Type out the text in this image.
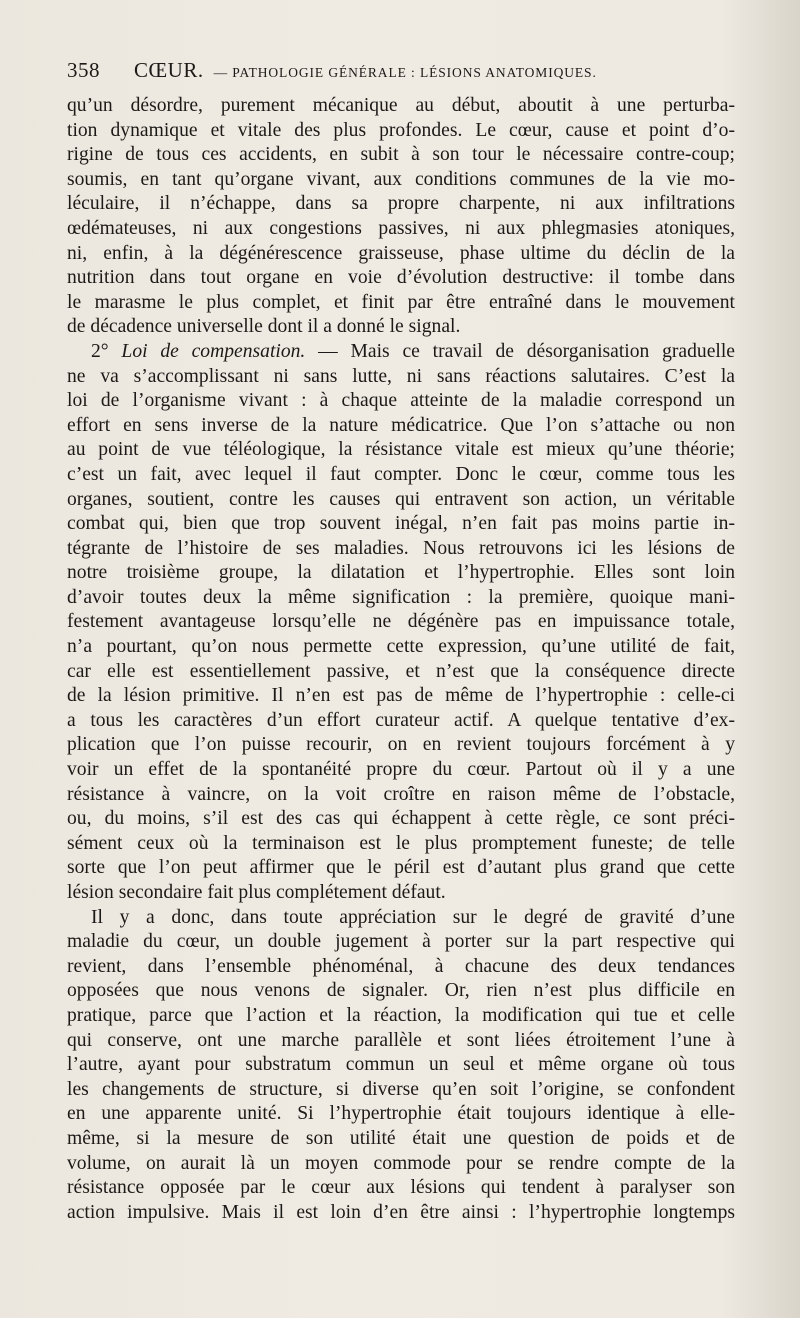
358 CŒUR. — PATHOLOGIE GÉNÉRALE : LÉSIONS ANATOMIQUES.
qu’un désordre, purement mécanique au début, aboutit à une perturba-
tion dynamique et vitale des plus profondes. Le cœur, cause et point d’o-
rigine de tous ces accidents, en subit à son tour le nécessaire contre-coup;
soumis, en tant qu’organe vivant, aux conditions communes de la vie mo-
léculaire, il n’échappe, dans sa propre charpente, ni aux infiltrations
œdémateuses, ni aux congestions passives, ni aux phlegmasies atoniques,
ni, enfin, à la dégénérescence graisseuse, phase ultime du déclin de la
nutrition dans tout organe en voie d’évolution destructive: il tombe dans
le marasme le plus complet, et finit par être entraîné dans le mouvement
de décadence universelle dont il a donné le signal.
2° Loi de compensation. — Mais ce travail de désorganisation graduelle
ne va s’accomplissant ni sans lutte, ni sans réactions salutaires. C’est la
loi de l’organisme vivant : à chaque atteinte de la maladie correspond un
effort en sens inverse de la nature médicatrice. Que l’on s’attache ou non
au point de vue téléologique, la résistance vitale est mieux qu’une théorie;
c’est un fait, avec lequel il faut compter. Donc le cœur, comme tous les
organes, soutient, contre les causes qui entravent son action, un véritable
combat qui, bien que trop souvent inégal, n’en fait pas moins partie in-
tégrante de l’histoire de ses maladies. Nous retrouvons ici les lésions de
notre troisième groupe, la dilatation et l’hypertrophie. Elles sont loin
d’avoir toutes deux la même signification : la première, quoique mani-
festement avantageuse lorsqu’elle ne dégénère pas en impuissance totale,
n’a pourtant, qu’on nous permette cette expression, qu’une utilité de fait,
car elle est essentiellement passive, et n’est que la conséquence directe
de la lésion primitive. Il n’en est pas de même de l’hypertrophie : celle-ci
a tous les caractères d’un effort curateur actif. A quelque tentative d’ex-
plication que l’on puisse recourir, on en revient toujours forcément à y
voir un effet de la spontanéité propre du cœur. Partout où il y a une
résistance à vaincre, on la voit croître en raison même de l’obstacle,
ou, du moins, s’il est des cas qui échappent à cette règle, ce sont préci-
sément ceux où la terminaison est le plus promptement funeste; de telle
sorte que l’on peut affirmer que le péril est d’autant plus grand que cette
lésion secondaire fait plus complétement défaut.
Il y a donc, dans toute appréciation sur le degré de gravité d’une
maladie du cœur, un double jugement à porter sur la part respective qui
revient, dans l’ensemble phénoménal, à chacune des deux tendances
opposées que nous venons de signaler. Or, rien n’est plus difficile en
pratique, parce que l’action et la réaction, la modification qui tue et celle
qui conserve, ont une marche parallèle et sont liées étroitement l’une à
l’autre, ayant pour substratum commun un seul et même organe où tous
les changements de structure, si diverse qu’en soit l’origine, se confondent
en une apparente unité. Si l’hypertrophie était toujours identique à elle-
même, si la mesure de son utilité était une question de poids et de
volume, on aurait là un moyen commode pour se rendre compte de la
résistance opposée par le cœur aux lésions qui tendent à paralyser son
action impulsive. Mais il est loin d’en être ainsi : l’hypertrophie longtemps
